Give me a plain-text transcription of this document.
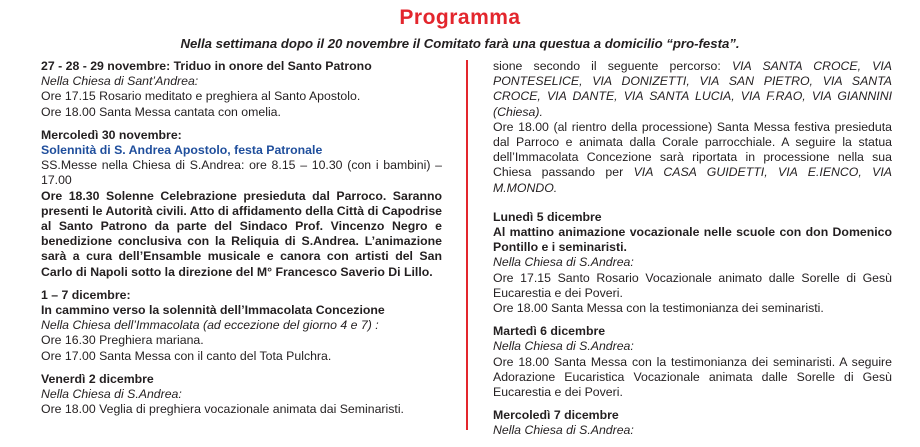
Programma
Nella settimana dopo il 20 novembre il Comitato farà una questua a domicilio “pro-festa”.

27 - 28 - 29 novembre: Triduo in onore del Santo Patrono

Nella Chiesa di Sant’Andrea:

Ore 17.15 Rosario meditato e preghiera al Santo Apostolo.

Ore 18.00 Santa Messa cantata con omelia.

Mercoledì 30 novembre:

Solennità di S. Andrea Apostolo, festa Patronale

SS.Messe nella Chiesa di S.Andrea: ore 8.15 – 10.30 (con i bambini) – 17.00

Ore 18.30 Solenne Celebrazione presieduta dal Parroco. Saranno presenti le Autorità civili. Atto di affidamento della Città di Capodrise al Santo Patrono da parte del Sindaco Prof. Vincenzo Negro e benedizione conclusiva con la Reliquia di S.Andrea. L’animazione sarà a cura dell’Ensamble musicale e canora con artisti del San Carlo di Napoli sotto la direzione del M° Francesco Saverio Di Lillo.

1 – 7 dicembre:

In cammino verso la solennità dell’Immacolata Concezione

Nella Chiesa dell’Immacolata (ad eccezione del giorno 4 e 7) :

Ore 16.30 Preghiera mariana.

Ore 17.00 Santa Messa con il canto del Tota Pulchra.

Venerdì 2 dicembre

Nella Chiesa di S.Andrea:

Ore 18.00 Veglia di preghiera vocazionale animata dai Seminaristi.

sione secondo il seguente percorso: VIA SANTA CROCE, VIA PONTESELICE, VIA DONIZETTI, VIA SAN PIETRO, VIA SANTA CROCE, VIA DANTE, VIA SANTA LUCIA, VIA F.RAO, VIA GIANNINI (Chiesa).

Ore 18.00 (al rientro della processione) Santa Messa festiva presieduta dal Parroco e animata dalla Corale parrocchiale. A seguire la statua dell’Immacolata Concezione sarà riportata in processione nella sua Chiesa passando per VIA CASA GUIDETTI, VIA E.IENCO, VIA M.MONDO.

Lunedì 5 dicembre

Al mattino animazione vocazionale nelle scuole con don Domenico Pontillo e i seminaristi.

Nella Chiesa di S.Andrea:

Ore 17.15 Santo Rosario Vocazionale animato dalle Sorelle di Gesù Eucarestia e dei Poveri.

Ore 18.00 Santa Messa con la testimonianza dei seminaristi.

Martedì 6 dicembre

Nella Chiesa di S.Andrea:

Ore 18.00 Santa Messa con la testimonianza dei seminaristi. A seguire Adorazione Eucaristica Vocazionale animata dalle Sorelle di Gesù Eucarestia e dei Poveri.

Mercoledì 7 dicembre

Nella Chiesa di S.Andrea:
